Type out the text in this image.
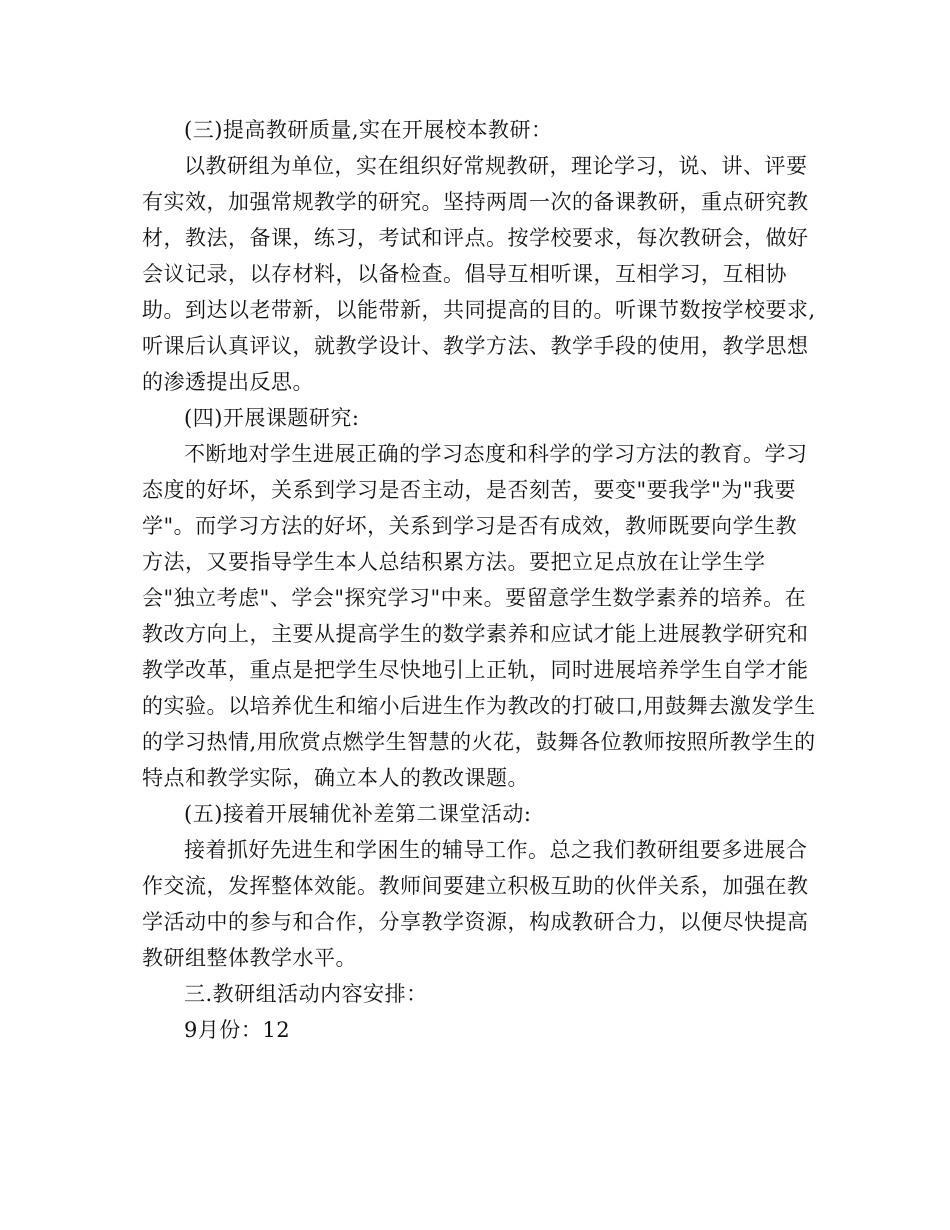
(三)提高教研质量,实在开展校本教研：

以教研组为单位，实在组织好常规教研，理论学习，说、讲、评要有实效，加强常规教学的研究。坚持两周一次的备课教研，重点研究教材，教法，备课，练习，考试和评点。按学校要求，每次教研会，做好会议记录，以存材料，以备检查。倡导互相听课，互相学习，互相协助。到达以老带新，以能带新，共同提高的目的。听课节数按学校要求,听课后认真评议，就教学设计、教学方法、教学手段的使用，教学思想的渗透提出反思。

(四)开展课题研究:

不断地对学生进展正确的学习态度和科学的学习方法的教育。学习态度的好坏，关系到学习是否主动，是否刻苦，要变"要我学"为"我要学"。而学习方法的好坏，关系到学习是否有成效，教师既要向学生教方法，又要指导学生本人总结积累方法。要把立足点放在让学生学会"独立考虑"、学会"探究学习"中来。要留意学生数学素养的培养。在教改方向上，主要从提高学生的数学素养和应试才能上进展教学研究和教学改革，重点是把学生尽快地引上正轨，同时进展培养学生自学才能的实验。以培养优生和缩小后进生作为教改的打破口,用鼓舞去激发学生的学习热情,用欣赏点燃学生智慧的火花，鼓舞各位教师按照所教学生的特点和教学实际，确立本人的教改课题。

(五)接着开展辅优补差第二课堂活动:

接着抓好先进生和学困生的辅导工作。总之我们教研组要多进展合作交流，发挥整体效能。教师间要建立积极互助的伙伴关系，加强在教学活动中的参与和合作，分享教学资源，构成教研合力，以便尽快提高教研组整体教学水平。

三.教研组活动内容安排：

9月份：12
